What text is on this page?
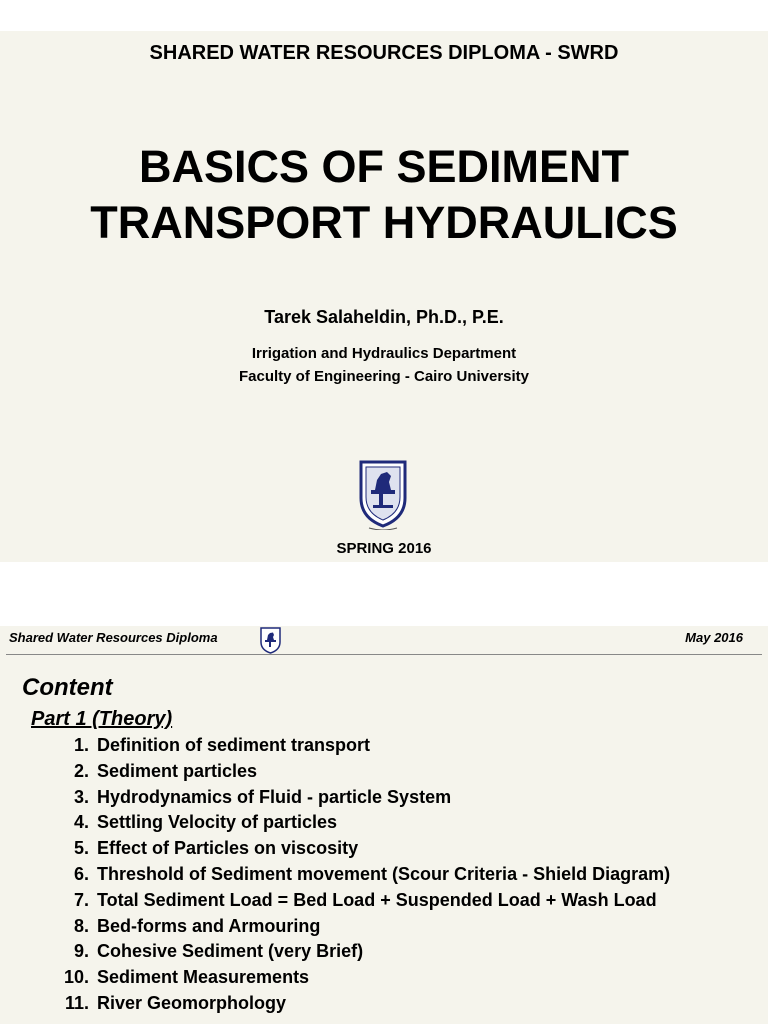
SHARED WATER RESOURCES DIPLOMA - SWRD
BASICS OF SEDIMENT
TRANSPORT HYDRAULICS
Tarek Salaheldin, Ph.D., P.E.
Irrigation and Hydraulics Department
Faculty of Engineering - Cairo University
SPRING 2016
Shared Water Resources Diploma	May 2016
Content
Part 1 (Theory)
1. Definition of sediment transport
2. Sediment particles
3. Hydrodynamics of Fluid - particle System
4. Settling Velocity of particles
5. Effect of Particles on viscosity
6. Threshold of Sediment movement (Scour Criteria - Shield Diagram)
7. Total Sediment Load = Bed Load + Suspended Load + Wash Load
8. Bed-forms and Armouring
9. Cohesive Sediment (very Brief)
10. Sediment Measurements
11. River Geomorphology
